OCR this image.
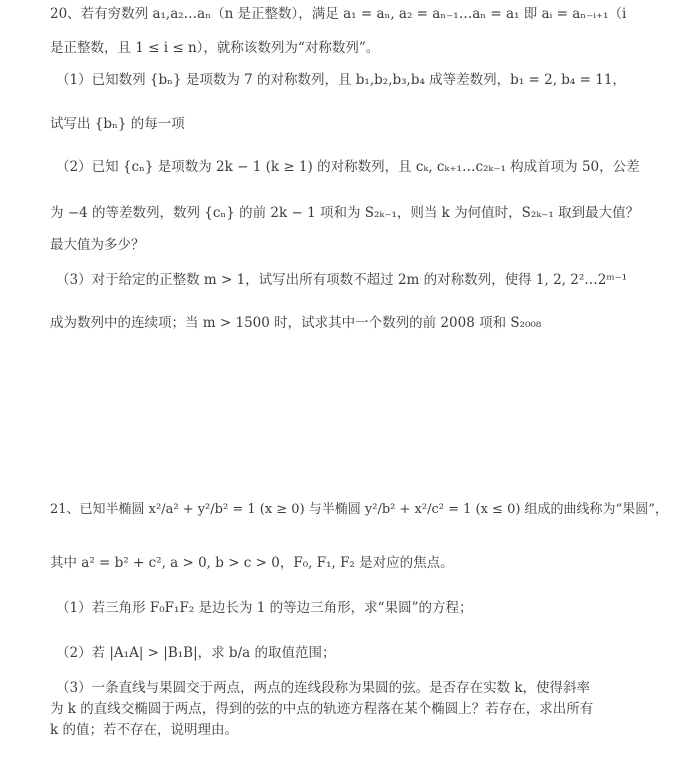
20、若有穷数列 a₁,a₂…aₙ（n 是正整数），满足 a₁ = aₙ, a₂ = aₙ₋₁…aₙ = a₁ 即 aᵢ = aₙ₋ᵢ₊₁（i
是正整数，且 1 ≤ i ≤ n），就称该数列为“对称数列”。
（1）已知数列 {bₙ} 是项数为 7 的对称数列，且 b₁,b₂,b₃,b₄ 成等差数列，b₁ = 2, b₄ = 11，
试写出 {bₙ} 的每一项
（2）已知 {cₙ} 是项数为 2k − 1 (k ≥ 1) 的对称数列，且 cₖ, cₖ₊₁…c₂ₖ₋₁ 构成首项为 50，公差
为 −4 的等差数列，数列 {cₙ} 的前 2k − 1 项和为 S₂ₖ₋₁，则当 k 为何值时，S₂ₖ₋₁ 取到最大值？
最大值为多少？
（3）对于给定的正整数 m > 1，试写出所有项数不超过 2m 的对称数列，使得 1, 2, 2²…2ᵐ⁻¹
成为数列中的连续项；当 m > 1500 时，试求其中一个数列的前 2008 项和 S₂₀₀₈
21、已知半椭圆 x²/a² + y²/b² = 1 (x ≥ 0) 与半椭圆 y²/b² + x²/c² = 1 (x ≤ 0) 组成的曲线称为“果圆”，
其中 a² = b² + c², a > 0, b > c > 0，F₀, F₁, F₂ 是对应的焦点。
（1）若三角形 F₀F₁F₂ 是边长为 1 的等边三角形，求“果圆”的方程；
（2）若 |A₁A| > |B₁B|，求 b/a 的取值范围；
（3）一条直线与果圆交于两点，两点的连线段称为果圆的弦。是否存在实数 k，使得斜率
为 k 的直线交椭圆于两点，得到的弦的中点的轨迹方程落在某个椭圆上？若存在，求出所有
k 的值；若不存在，说明理由。
